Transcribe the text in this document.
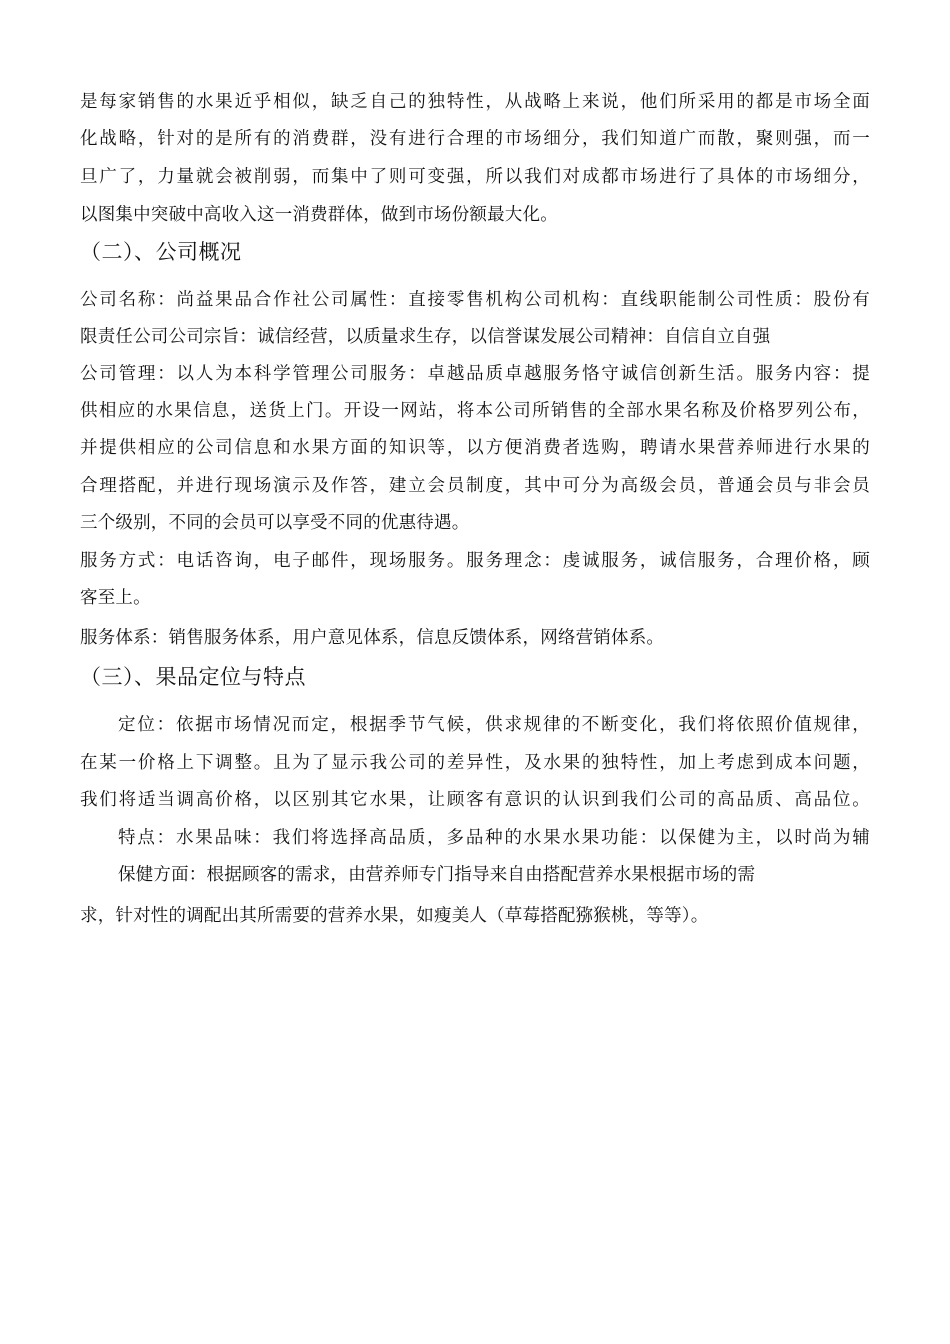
是每家销售的水果近乎相似，缺乏自己的独特性，从战略上来说，他们所采用的都是市场全面
化战略，针对的是所有的消费群，没有进行合理的市场细分，我们知道广而散，聚则强，而一
旦广了，力量就会被削弱，而集中了则可变强，所以我们对成都市场进行了具体的市场细分，
以图集中突破中高收入这一消费群体，做到市场份额最大化。
（二）、公司概况
公司名称：尚益果品合作社公司属性：直接零售机构公司机构：直线职能制公司性质：股份有
限责任公司公司宗旨：诚信经营，以质量求生存，以信誉谋发展公司精神：自信自立自强
公司管理：以人为本科学管理公司服务：卓越品质卓越服务恪守诚信创新生活。服务内容：提
供相应的水果信息，送货上门。开设一网站，将本公司所销售的全部水果名称及价格罗列公布，
并提供相应的公司信息和水果方面的知识等，以方便消费者选购，聘请水果营养师进行水果的
合理搭配，并进行现场演示及作答，建立会员制度，其中可分为高级会员，普通会员与非会员
三个级别，不同的会员可以享受不同的优惠待遇。
服务方式：电话咨询，电子邮件，现场服务。服务理念：虔诚服务，诚信服务，合理价格，顾
客至上。
服务体系：销售服务体系，用户意见体系，信息反馈体系，网络营销体系。
（三）、果品定位与特点
定位：依据市场情况而定，根据季节气候，供求规律的不断变化，我们将依照价值规律，
在某一价格上下调整。且为了显示我公司的差异性，及水果的独特性，加上考虑到成本问题，
我们将适当调高价格，以区别其它水果，让顾客有意识的认识到我们公司的高品质、高品位。
特点：水果品味：我们将选择高品质，多品种的水果水果功能：以保健为主，以时尚为辅
保健方面：根据顾客的需求，由营养师专门指导来自由搭配营养水果根据市场的需
求，针对性的调配出其所需要的营养水果，如瘦美人（草莓搭配猕猴桃，等等）。
